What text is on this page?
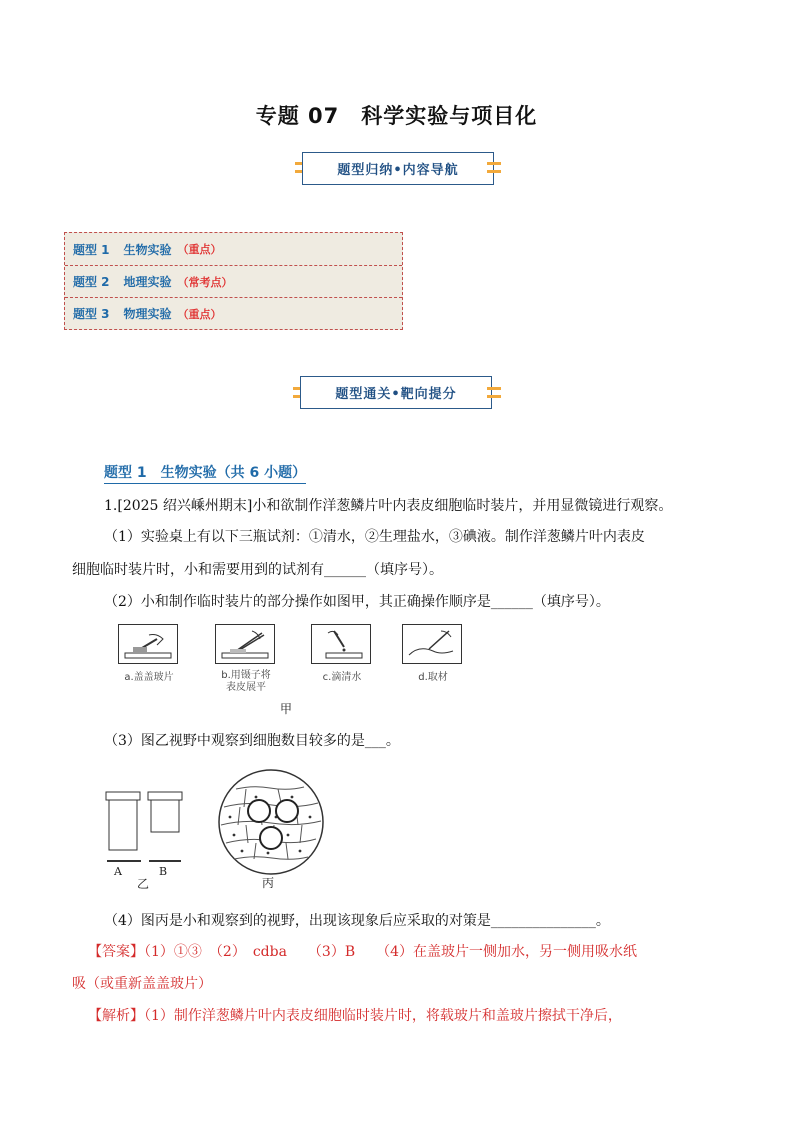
专题 07　科学实验与项目化
题型归纳•内容导航
题型 1 生物实验 （重点）
题型 2 地理实验 （常考点）
题型 3 物理实验 （重点）
题型通关•靶向提分
题型 1　生物实验（共 6 小题）
1.[2025 绍兴嵊州期末]小和欲制作洋葱鳞片叶内表皮细胞临时装片，并用显微镜进行观察。
（1）实验桌上有以下三瓶试剂：①清水，②生理盐水，③碘液。制作洋葱鳞片叶内表皮
细胞临时装片时，小和需要用到的试剂有______（填序号）。
（2）小和制作临时装片的部分操作如图甲，其正确操作顺序是______（填序号）。
a.盖盖玻片	b.用镊子将
表皮展平
c.滴清水	d.取材
甲
（3）图乙视野中观察到细胞数目较多的是___。
A	B
乙	丙
（4）图丙是小和观察到的视野，出现该现象后应采取的对策是_______________。
【答案】（1）①③　（2）　cdba　　（3）B　　（4）在盖玻片一侧加水，另一侧用吸水纸
吸（或重新盖盖玻片）
【解析】（1）制作洋葱鳞片叶内表皮细胞临时装片时，将载玻片和盖玻片擦拭干净后，
